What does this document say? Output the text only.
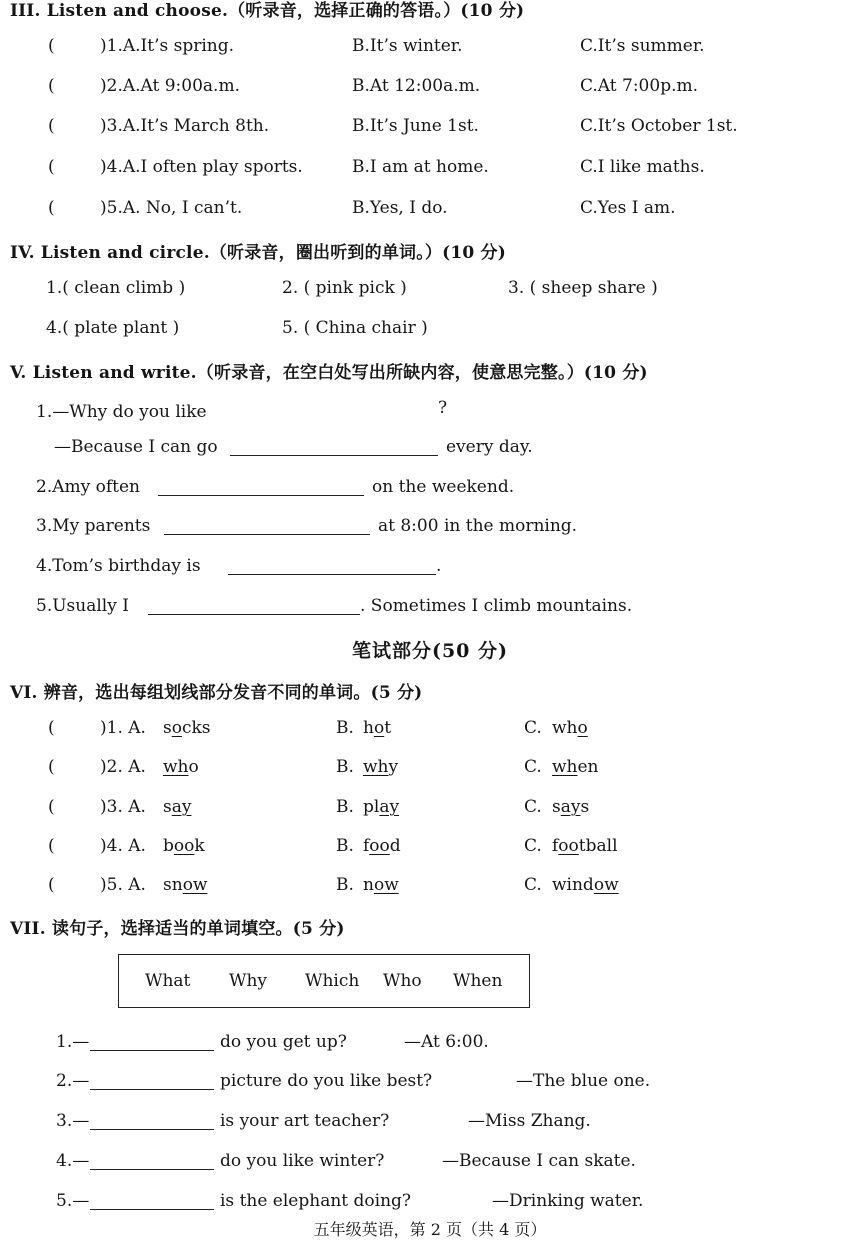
III. Listen and choose.（听录音，选择正确的答语。）(10 分)
(	)1.A.It’s spring.	B.It’s winter.	C.It’s summer.
(	)2.A.At 9:00a.m.	B.At 12:00a.m.	C.At 7:00p.m.
(	)3.A.It’s March 8th.	B.It’s June 1st.	C.It’s October 1st.
(	)4.A.I often play sports.	B.I am at home.	C.I like maths.
(	)5.A. No, I can’t.	B.Yes, I do.	C.Yes I am.
IV. Listen and circle.（听录音，圈出听到的单词。）(10 分)
1.( clean climb )	2. ( pink pick )	3. ( sheep share )
4.( plate plant )	5. ( China chair )
V. Listen and write.（听录音，在空白处写出所缺内容，使意思完整。）(10 分)
1.—Why do you like	?
—Because I can go	every day.
2.Amy often	on the weekend.
3.My parents	at 8:00 in the morning.
4.Tom’s birthday is	.
5.Usually I	. Sometimes I climb mountains.
笔试部分(50 分)
VI. 辨音，选出每组划线部分发音不同的单词。(5 分)
(	)1. A. socks	B. hot	C. who
(	)2. A. who	B. why	C. when
(	)3. A. say	B. play	C. says
(	)4. A. book	B. food	C. football
(	)5. A. snow	B. now	C. window
VII. 读句子，选择适当的单词填空。(5 分)
What Why Which Who When
1.—	do you get up?	—At 6:00.
2.—	picture do you like best?	—The blue one.
3.—	is your art teacher?	—Miss Zhang.
4.—	do you like winter?	—Because I can skate.
5.—	is the elephant doing?	—Drinking water.
五年级英语，第 2 页（共 4 页）
